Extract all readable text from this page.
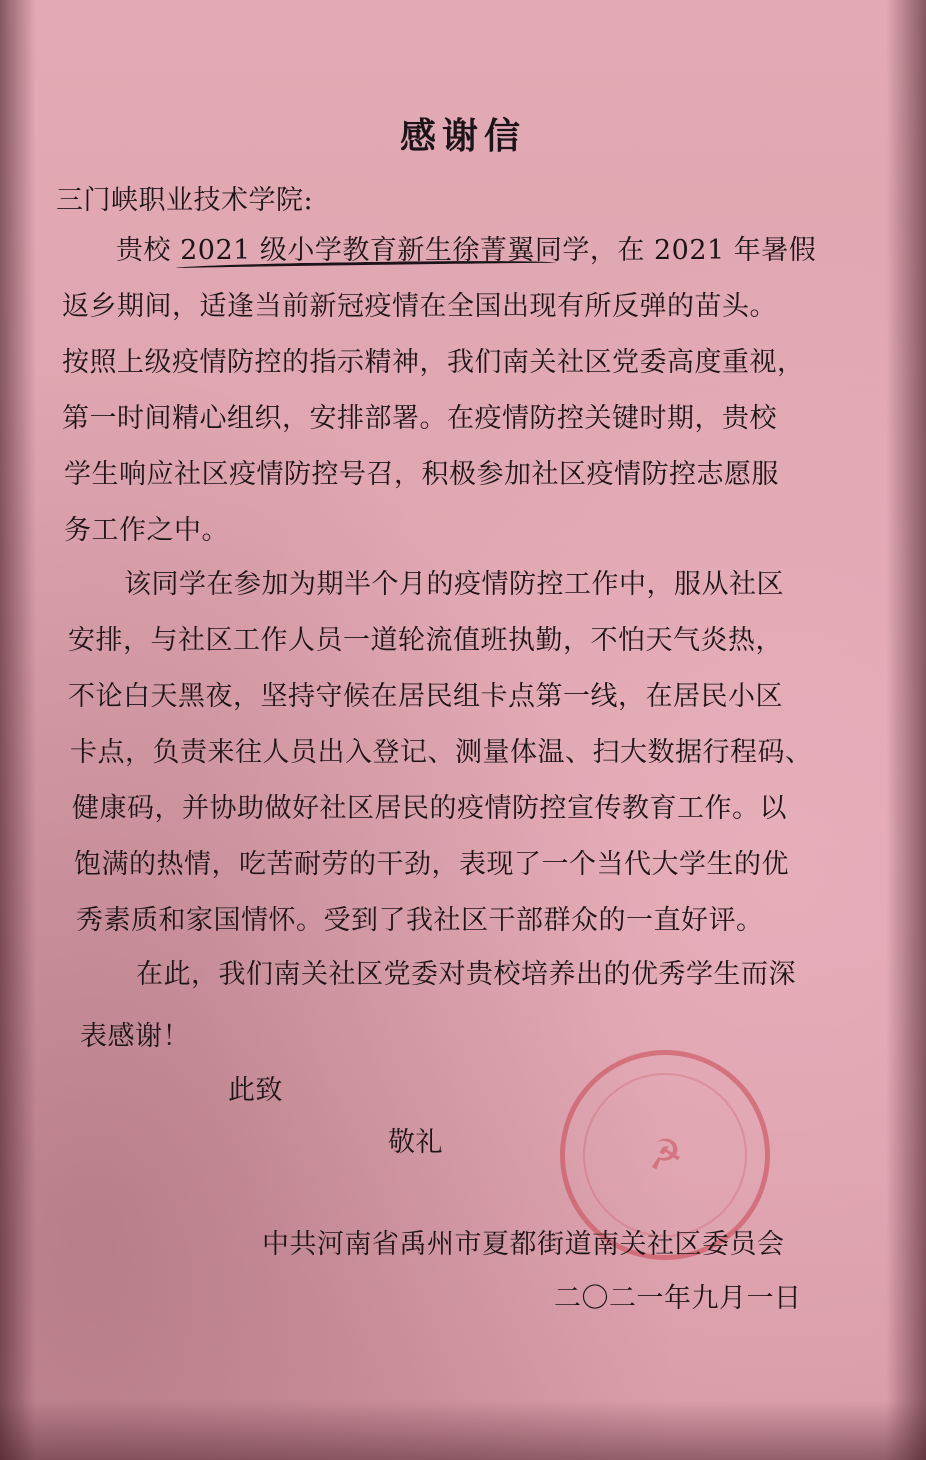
感谢信
三门峡职业技术学院:
贵校 2021 级小学教育新生徐菁翼同学，在 2021 年暑假
返乡期间，适逢当前新冠疫情在全国出现有所反弹的苗头。
按照上级疫情防控的指示精神，我们南关社区党委高度重视，
第一时间精心组织，安排部署。在疫情防控关键时期，贵校
学生响应社区疫情防控号召，积极参加社区疫情防控志愿服
务工作之中。
该同学在参加为期半个月的疫情防控工作中，服从社区
安排，与社区工作人员一道轮流值班执勤，不怕天气炎热，
不论白天黑夜，坚持守候在居民组卡点第一线，在居民小区
卡点，负责来往人员出入登记、测量体温、扫大数据行程码、
健康码，并协助做好社区居民的疫情防控宣传教育工作。以
饱满的热情，吃苦耐劳的干劲，表现了一个当代大学生的优
秀素质和家国情怀。受到了我社区干部群众的一直好评。
在此，我们南关社区党委对贵校培养出的优秀学生而深
表感谢！
此致
敬礼	☭
中共河南省禹州市夏都街道南关社区委员会
二〇二一年九月一日
